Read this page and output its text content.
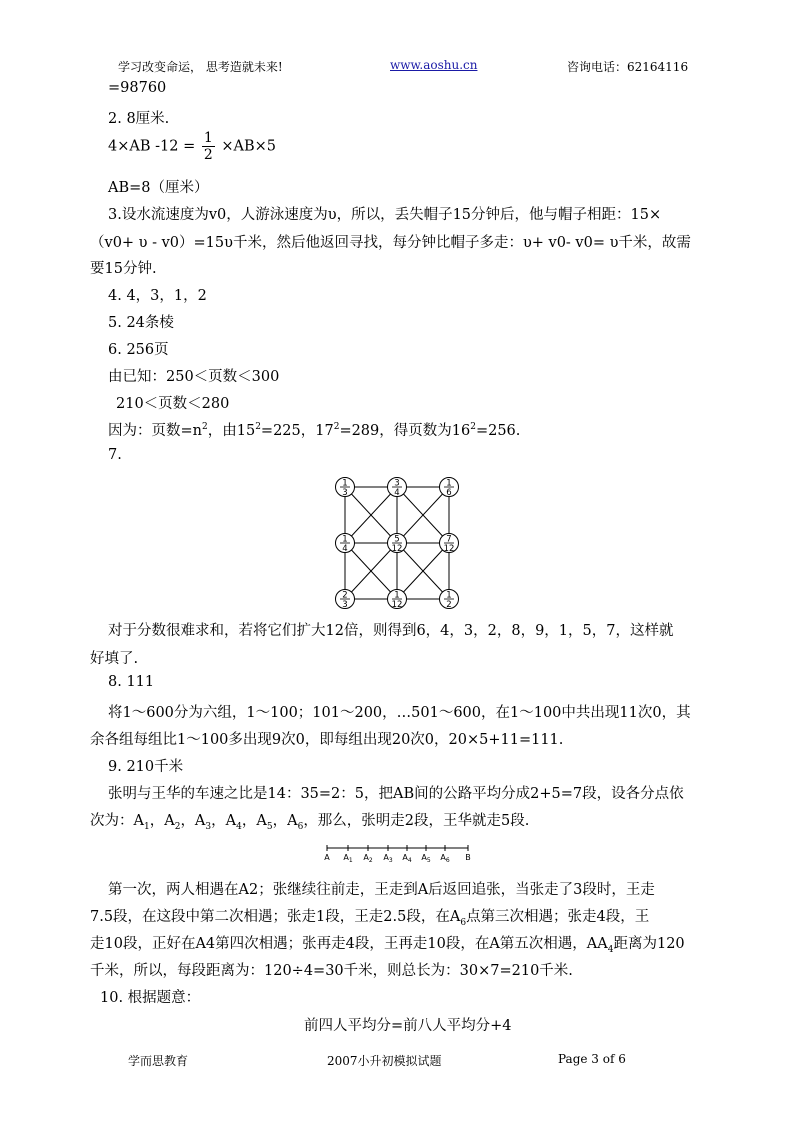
学习改变命运， 思考造就未来!	www.aoshu.cn	咨询电话：62164116
=98760
2. 8厘米.
4×AB $-12 = \frac{1}{2} \times AB\times 5$
AB=8（厘米）
3.设水流速度为v0，人游泳速度为υ，所以，丢失帽子15分钟后，他与帽子相距：15×
（v0+ υ - v0）=15υ千米，然后他返回寻找，每分钟比帽子多走：υ+ v0- v0= υ千米，故需
要15分钟.
4. 4，3，1，2
5. 24条棱
6. 256页
由已知：250＜页数＜300
210＜页数＜280
因为：页数$=n^2$，由$15^2=225$，$17^2=289$，得页数为$16^2=256$.
7.
1
3
3
4
1
6
1
4
5
12
7
12
2
3
1
12
1
2
对于分数很难求和，若将它们扩大12倍，则得到6，4，3，2，8，9，1，5，7，这样就
好填了.
8. 111
将1～600分为六组，1～100；101～200，…501～600，在1～100中共出现11次0，其
余各组每组比1～100多出现9次0，即每组出现20次0，20×5+11=111.
9. 210千米
张明与王华的车速之比是14：35=2：5，把AB间的公路平均分成2+5=7段，设各分点依
次为：$A_1$，$A_2$，$A_3$，$A_4$，$A_5$，$A_6$，那么，张明走2段，王华就走5段.
A $A_1$ $A_2$ $A_3$ $A_4$ $A_5$ $A_6$ B
第一次，两人相遇在A2；张继续往前走，王走到A后返回追张，当张走了3段时，王走
7.5段，在这段中第二次相遇；张走1段，王走2.5段，在$A_6$点第三次相遇；张走4段，王
走10段，正好在A4第四次相遇；张再走4段，王再走10段，在A第五次相遇，$AA_4$距离为120
千米，所以，每段距离为：120÷4=30千米，则总长为：30×7=210千米.
10. 根据题意：
前四人平均分=前八人平均分+4
学而思教育	2007小升初模拟试题	Page 3 of 6
